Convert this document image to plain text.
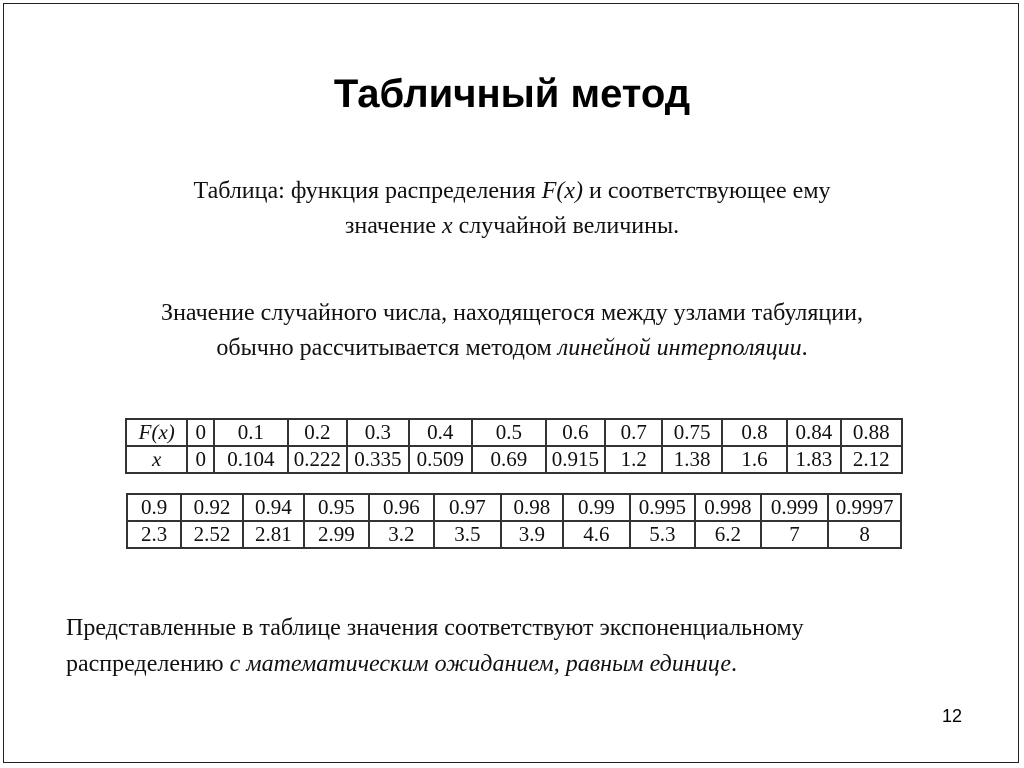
Табличный метод
Таблица: функция распределения F(x) и соответствующее ему
значение x случайной величины.
Значение случайного числа, находящегося между узлами табуляции,
обычно рассчитывается методом линейной интерполяции.
F(x)	0	0.1	0.2	0.3	0.4	0.5	0.6	0.7	0.75	0.8	0.84	0.88
x	0	0.104	0.222	0.335	0.509	0.69	0.915	1.2	1.38	1.6	1.83	2.12
0.9	0.92	0.94	0.95	0.96	0.97	0.98	0.99	0.995	0.998	0.999	0.9997
2.3	2.52	2.81	2.99	3.2	3.5	3.9	4.6	5.3	6.2	7	8
Представленные в таблице значения соответствуют экспоненциальному
распределению с математическим ожиданием, равным единице.
12
